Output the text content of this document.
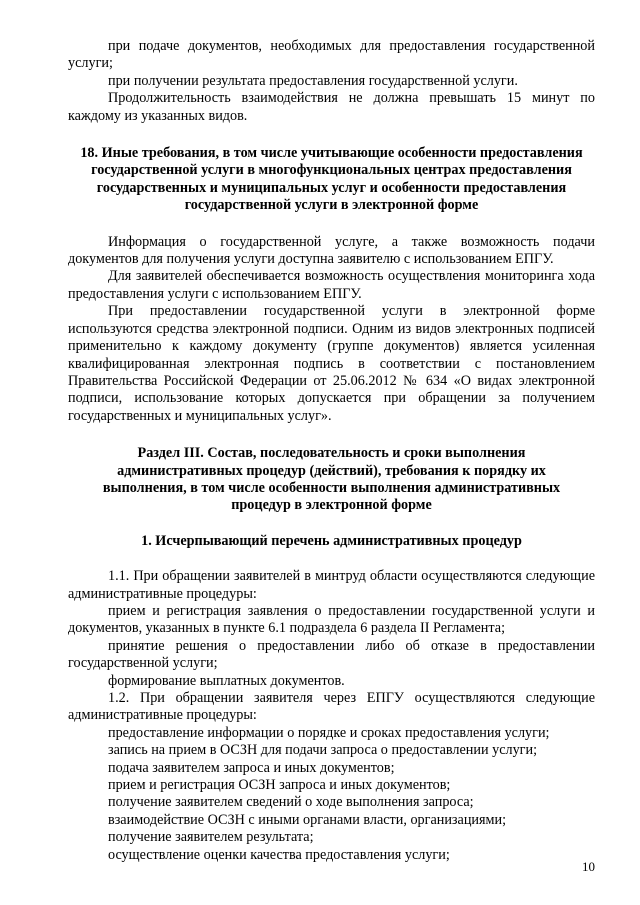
при подаче документов, необходимых для предоставления государственной услуги;

при получении результата предоставления государственной услуги.

Продолжительность взаимодействия не должна превышать 15 минут по каждому из указанных видов.

18. Иные требования, в том числе учитывающие особенности предоставления государственной услуги в многофункциональных центрах предоставления государственных и муниципальных услуг и особенности предоставления государственной услуги в электронной форме

Информация о государственной услуге, а также возможность подачи документов для получения услуги доступна заявителю с использованием ЕПГУ.

Для заявителей обеспечивается возможность осуществления мониторинга хода предоставления услуги с использованием ЕПГУ.

При предоставлении государственной услуги в электронной форме используются средства электронной подписи. Одним из видов электронных подписей применительно к каждому документу (группе документов) является усиленная квалифицированная электронная подпись в соответствии с постановлением Правительства Российской Федерации от 25.06.2012 № 634 «О видах электронной подписи, использование которых допускается при обращении за получением государственных и муниципальных услуг».

Раздел III. Состав, последовательность и сроки выполнения административных процедур (действий), требования к порядку их выполнения, в том числе особенности выполнения административных процедур в электронной форме
1. Исчерпывающий перечень административных процедур

1.1. При обращении заявителей в минтруд области осуществляются следующие административные процедуры:

прием и регистрация заявления о предоставлении государственной услуги и документов, указанных в пункте 6.1 подраздела 6 раздела II Регламента;

принятие решения о предоставлении либо об отказе в предоставлении государственной услуги;

формирование выплатных документов.

1.2. При обращении заявителя через ЕПГУ осуществляются следующие административные процедуры:

предоставление информации о порядке и сроках предоставления услуги;

запись на прием в ОСЗН для подачи запроса о предоставлении услуги;

подача заявителем запроса и иных документов;

прием и регистрация ОСЗН запроса и иных документов;

получение заявителем сведений о ходе выполнения запроса;

взаимодействие ОСЗН с иными органами власти, организациями;

получение заявителем результата;

осуществление оценки качества предоставления услуги;

10
